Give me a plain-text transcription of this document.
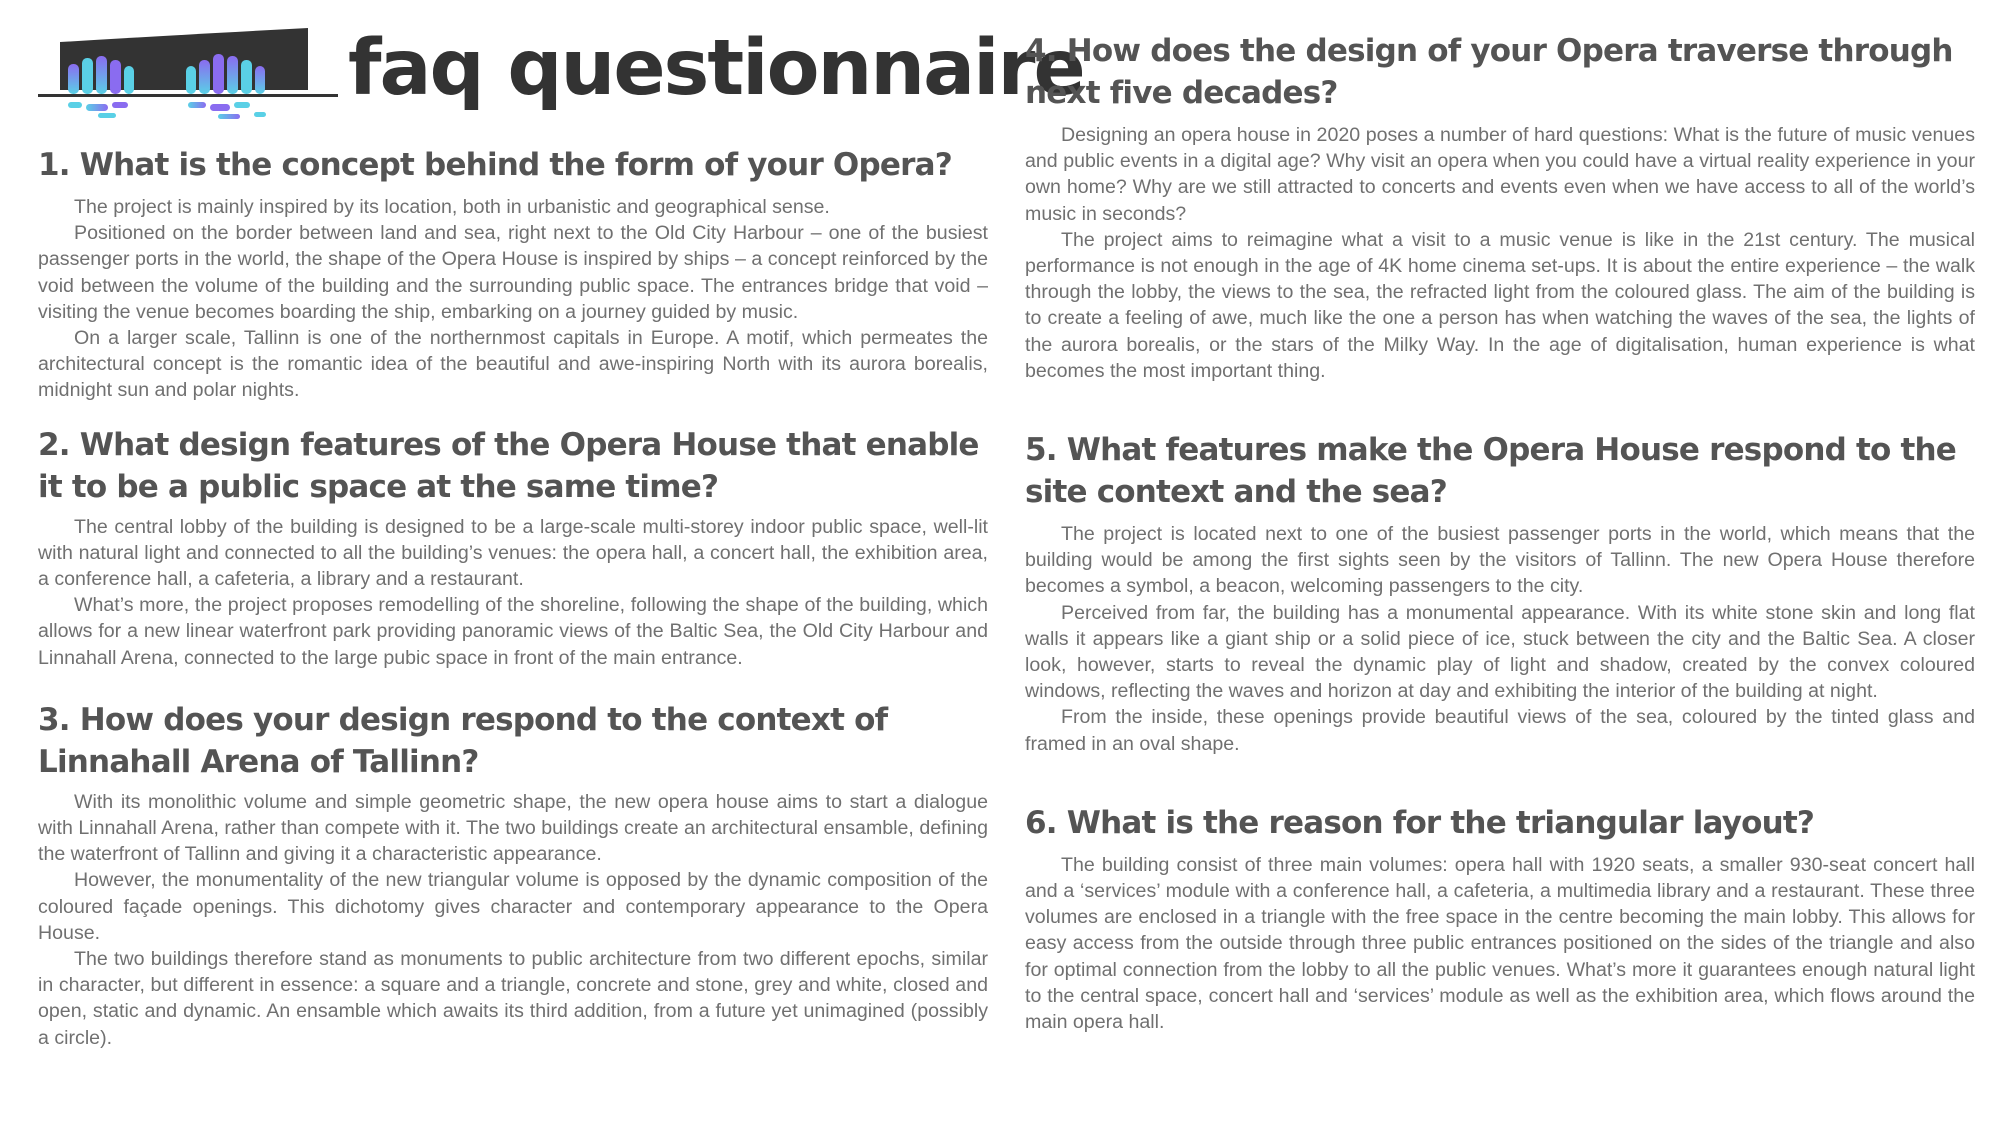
faq questionnaire
1. What is the concept behind the form of your Opera?

The project is mainly inspired by its location, both in urbanistic and geographical sense.

Positioned on the border between land and sea, right next to the Old City Harbour – one of the busiest passenger ports in the world, the shape of the Opera House is inspired by ships – a concept reinforced by the void between the volume of the building and the surrounding public space. The entrances bridge that void – visiting the venue becomes boarding the ship, embarking on a journey guided by music.

On a larger scale, Tallinn is one of the northernmost capitals in Europe. A motif, which permeates the architectural concept is the romantic idea of the beautiful and awe-inspiring North with its aurora borealis, midnight sun and polar nights.

2. What design features of the Opera House that enable it to be a public space at the same time?

The central lobby of the building is designed to be a large-scale multi-storey indoor public space, well-lit with natural light and connected to all the building’s venues: the opera hall, a concert hall, the exhibition area, a conference hall, a cafeteria, a library and a restaurant.

What’s more, the project proposes remodelling of the shoreline, following the shape of the building, which allows for a new linear waterfront park providing panoramic views of the Baltic Sea, the Old City Harbour and Linnahall Arena, connected to the large pubic space in front of the main entrance.

3. How does your design respond to the context of Linnahall Arena of Tallinn?

With its monolithic volume and simple geometric shape, the new opera house aims to start a dialogue with Linnahall Arena, rather than compete with it. The two buildings create an architectural ensamble, defining the waterfront of Tallinn and giving it a characteristic appearance.

However, the monumentality of the new triangular volume is opposed by the dynamic composition of the coloured façade openings. This dichotomy gives character and contemporary appearance to the Opera House.

The two buildings therefore stand as monuments to public architecture from two different epochs, similar in character, but different in essence: a square and a triangle, concrete and stone, grey and white, closed and open, static and dynamic. An ensamble which awaits its third addition, from a future yet unimagined (possibly a circle).

4. How does the design of your Opera traverse through next five decades?

Designing an opera house in 2020 poses a number of hard questions: What is the future of music venues and public events in a digital age? Why visit an opera when you could have a virtual reality experience in your own home? Why are we still attracted to concerts and events even when we have access to all of the world’s music in seconds?

The project aims to reimagine what a visit to a music venue is like in the 21st century. The musical performance is not enough in the age of 4K home cinema set-ups. It is about the entire experience – the walk through the lobby, the views to the sea, the refracted light from the coloured glass. The aim of the building is to create a feeling of awe, much like the one a person has when watching the waves of the sea, the lights of the aurora borealis, or the stars of the Milky Way. In the age of digitalisation, human experience is what becomes the most important thing.

5. What features make the Opera House respond to the site context and the sea?

The project is located next to one of the busiest passenger ports in the world, which means that the building would be among the first sights seen by the visitors of Tallinn. The new Opera House therefore becomes a symbol, a beacon, welcoming passengers to the city.

Perceived from far, the building has a monumental appearance. With its white stone skin and long flat walls it appears like a giant ship or a solid piece of ice, stuck between the city and the Baltic Sea. A closer look, however, starts to reveal the dynamic play of light and shadow, created by the convex coloured windows, reflecting the waves and horizon at day and exhibiting the interior of the building at night.

From the inside, these openings provide beautiful views of the sea, coloured by the tinted glass and framed in an oval shape.

6. What is the reason for the triangular layout?

The building consist of three main volumes: opera hall with 1920 seats, a smaller 930-seat concert hall and a ‘services’ module with a conference hall, a cafeteria, a multimedia library and a restaurant. These three volumes are enclosed in a triangle with the free space in the centre becoming the main lobby. This allows for easy access from the outside through three public entrances positioned on the sides of the triangle and also for optimal connection from the lobby to all the public venues. What’s more it guarantees enough natural light to the central space, concert hall and ‘services’ module as well as the exhibition area, which flows around the main opera hall.
